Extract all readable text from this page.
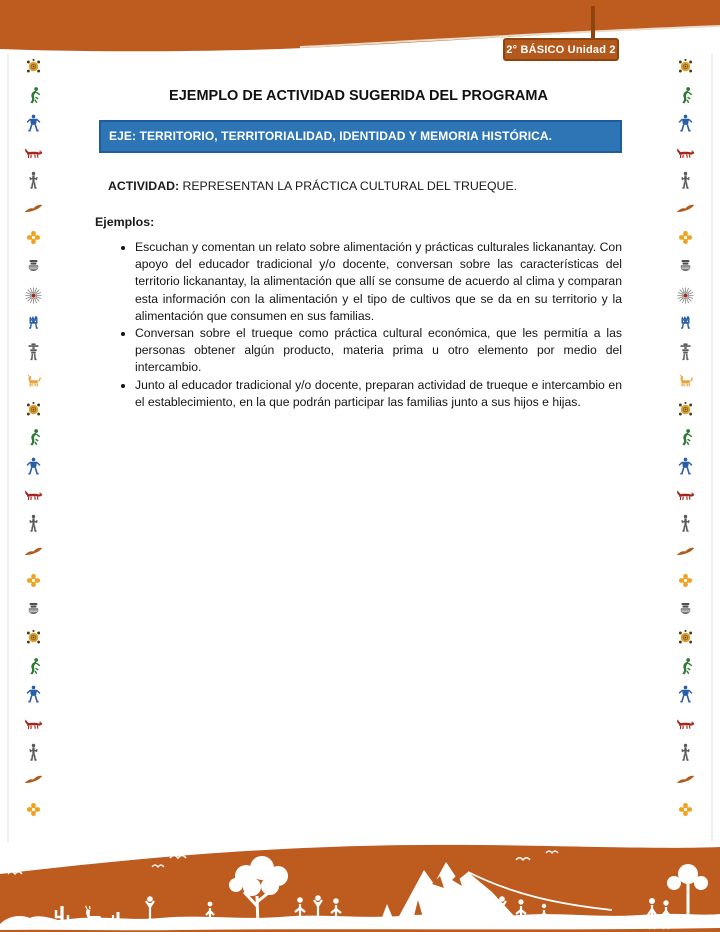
2° BÁSICO Unidad 2
EJEMPLO DE ACTIVIDAD SUGERIDA DEL PROGRAMA
EJE: TERRITORIO, TERRITORIALIDAD, IDENTIDAD Y MEMORIA HISTÓRICA.

ACTIVIDAD: REPRESENTAN LA PRÁCTICA CULTURAL DEL TRUEQUE.

Ejemplos:

• Escuchan y comentan un relato sobre alimentación y prácticas culturales lickanantay. Con apoyo del educador tradicional y/o docente, conversan sobre las características del territorio lickanantay, la alimentación que allí se consume de acuerdo al clima y comparan esta información con la alimentación y el tipo de cultivos que se da en su territorio y la alimentación que consumen en sus familias.
• Conversan sobre el trueque como práctica cultural económica, que les permitía a las personas obtener algún producto, materia prima u otro elemento por medio del intercambio.
• Junto al educador tradicional y/o docente, preparan actividad de trueque e intercambio en el establecimiento, en la que podrán participar las familias junto a sus hijos e hijas.
